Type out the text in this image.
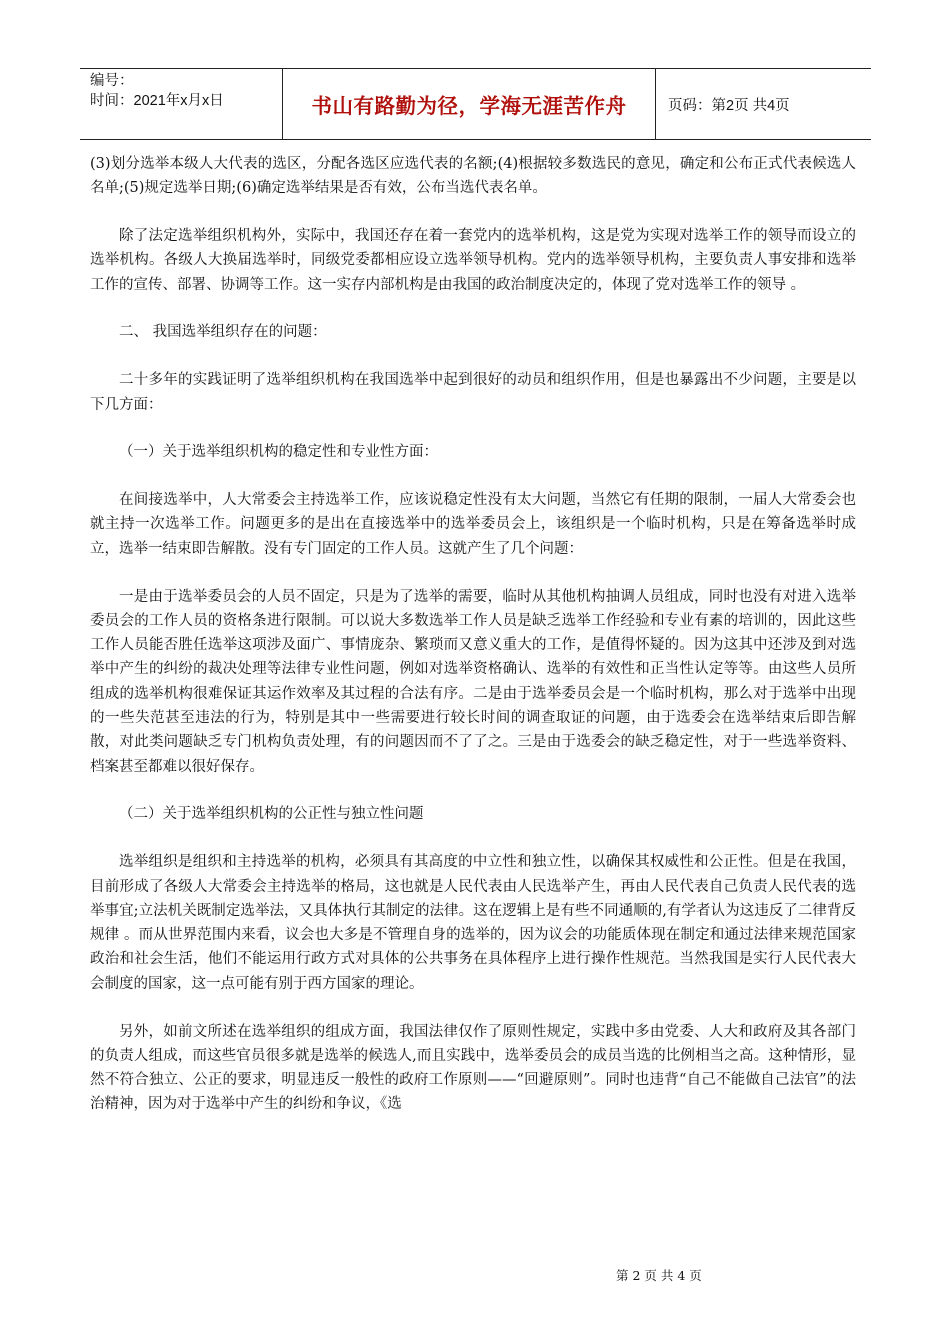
编号：
时间：2021年x月x日	书山有路勤为径，学海无涯苦作舟	页码：第2页 共4页

(3)划分选举本级人大代表的选区，分配各选区应选代表的名额;(4)根据较多数选民的意见，确定和公布正式代表候选人名单;(5)规定选举日期;(6)确定选举结果是否有效，公布当选代表名单。

除了法定选举组织机构外，实际中，我国还存在着一套党内的选举机构，这是党为实现对选举工作的领导而设立的选举机构。各级人大换届选举时，同级党委都相应设立选举领导机构。党内的选举领导机构，主要负责人事安排和选举工作的宣传、部署、协调等工作。这一实存内部机构是由我国的政治制度决定的，体现了党对选举工作的领导 。

二、 我国选举组织存在的问题：

二十多年的实践证明了选举组织机构在我国选举中起到很好的动员和组织作用，但是也暴露出不少问题，主要是以下几方面：

（一）关于选举组织机构的稳定性和专业性方面：

在间接选举中，人大常委会主持选举工作，应该说稳定性没有太大问题，当然它有任期的限制，一届人大常委会也就主持一次选举工作。问题更多的是出在直接选举中的选举委员会上，该组织是一个临时机构，只是在筹备选举时成立，选举一结束即告解散。没有专门固定的工作人员。这就产生了几个问题：

一是由于选举委员会的人员不固定，只是为了选举的需要，临时从其他机构抽调人员组成，同时也没有对进入选举委员会的工作人员的资格条进行限制。可以说大多数选举工作人员是缺乏选举工作经验和专业有素的培训的，因此这些工作人员能否胜任选举这项涉及面广、事情庞杂、繁琐而又意义重大的工作，是值得怀疑的。因为这其中还涉及到对选举中产生的纠纷的裁决处理等法律专业性问题，例如对选举资格确认、选举的有效性和正当性认定等等。由这些人员所组成的选举机构很难保证其运作效率及其过程的合法有序。二是由于选举委员会是一个临时机构，那么对于选举中出现的一些失范甚至违法的行为，特别是其中一些需要进行较长时间的调查取证的问题，由于选委会在选举结束后即告解散，对此类问题缺乏专门机构负责处理，有的问题因而不了了之。三是由于选委会的缺乏稳定性，对于一些选举资料、档案甚至都难以很好保存。

（二）关于选举组织机构的公正性与独立性问题

选举组织是组织和主持选举的机构，必须具有其高度的中立性和独立性，以确保其权威性和公正性。但是在我国，目前形成了各级人大常委会主持选举的格局，这也就是人民代表由人民选举产生，再由人民代表自己负责人民代表的选举事宜;立法机关既制定选举法，又具体执行其制定的法律。这在逻辑上是有些不同通顺的,有学者认为这违反了二律背反规律 。而从世界范围内来看，议会也大多是不管理自身的选举的，因为议会的功能质体现在制定和通过法律来规范国家政治和社会生活，他们不能运用行政方式对具体的公共事务在具体程序上进行操作性规范。当然我国是实行人民代表大会制度的国家，这一点可能有别于西方国家的理论。

另外，如前文所述在选举组织的组成方面，我国法律仅作了原则性规定，实践中多由党委、人大和政府及其各部门的负责人组成，而这些官员很多就是选举的候选人,而且实践中，选举委员会的成员当选的比例相当之高。这种情形，显然不符合独立、公正的要求，明显违反一般性的政府工作原则——“回避原则”。同时也违背“自己不能做自己法官”的法治精神，因为对于选举中产生的纠纷和争议，《选

第 2 页 共 4 页
